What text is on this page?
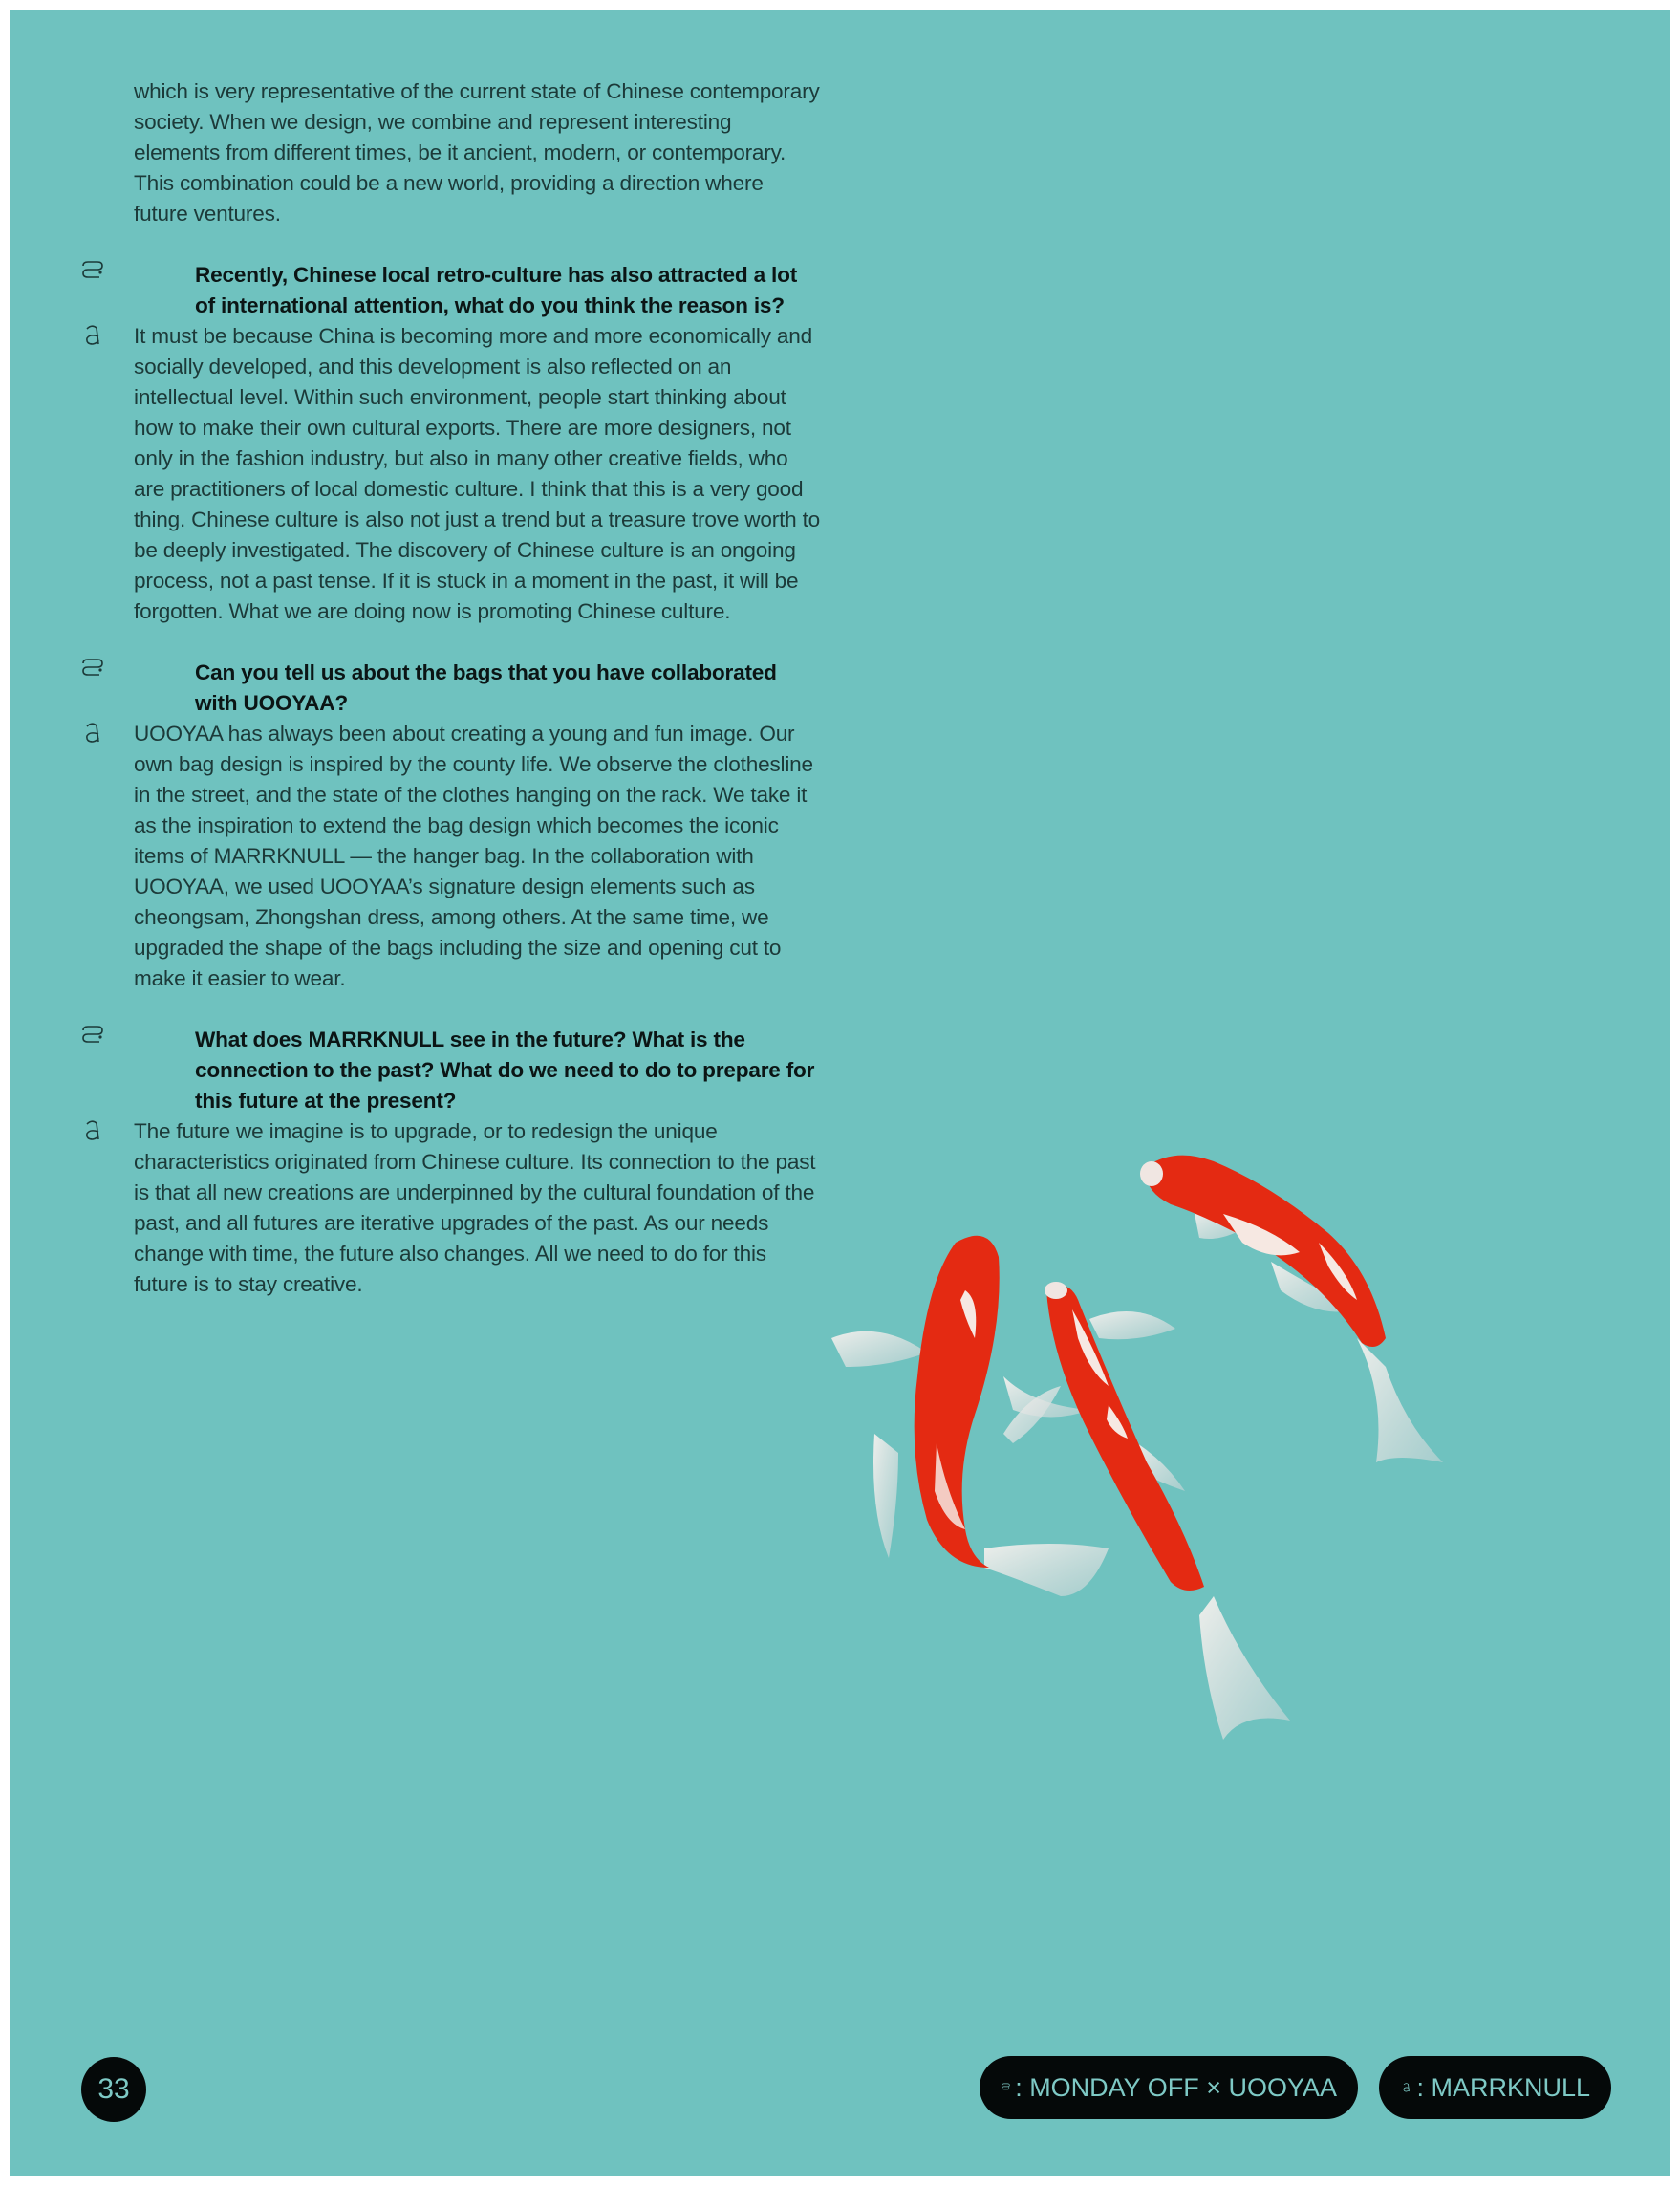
which is very representative of the current state of Chinese contemporary society. When we design, we combine and represent interesting elements from different times, be it ancient, modern, or contemporary. This combination could be a new world, providing a direction where future ventures.

Recently, Chinese local retro-culture has also attracted a lot of international attention, what do you think the reason is?

It must be because China is becoming more and more economically and socially developed, and this development is also reflected on an intellectual level. Within such environment, people start thinking about how to make their own cultural exports. There are more designers, not only in the fashion industry, but also in many other creative fields, who are practitioners of local domestic culture. I think that this is a very good thing. Chinese culture is also not just a trend but a treasure trove worth to be deeply investigated. The discovery of Chinese culture is an ongoing process, not a past tense. If it is stuck in a moment in the past, it will be forgotten. What we are doing now is promoting Chinese culture.

Can you tell us about the bags that you have collaborated with UOOYAA?

UOOYAA has always been about creating a young and fun image. Our own bag design is inspired by the county life. We observe the clothesline in the street, and the state of the clothes hanging on the rack. We take it as the inspiration to extend the bag design which becomes the iconic items of MARRKNULL — the hanger bag. In the collaboration with UOOYAA, we used UOOYAA’s signature design elements such as cheongsam, Zhongshan dress, among others. At the same time, we upgraded the shape of the bags including the size and opening cut to make it easier to wear.

What does MARRKNULL see in the future? What is the connection to the past? What do we need to do to prepare for this future at the present?

The future we imagine is to upgrade, or to redesign the unique characteristics originated from Chinese culture. Its connection to the past is that all new creations are underpinned by the cultural foundation of the past, and all futures are iterative upgrades of the past. As our needs change with time, the future also changes. All we need to do for this future is to stay creative.

33	: MONDAY OFF × UOOYAA	: MARRKNULL
